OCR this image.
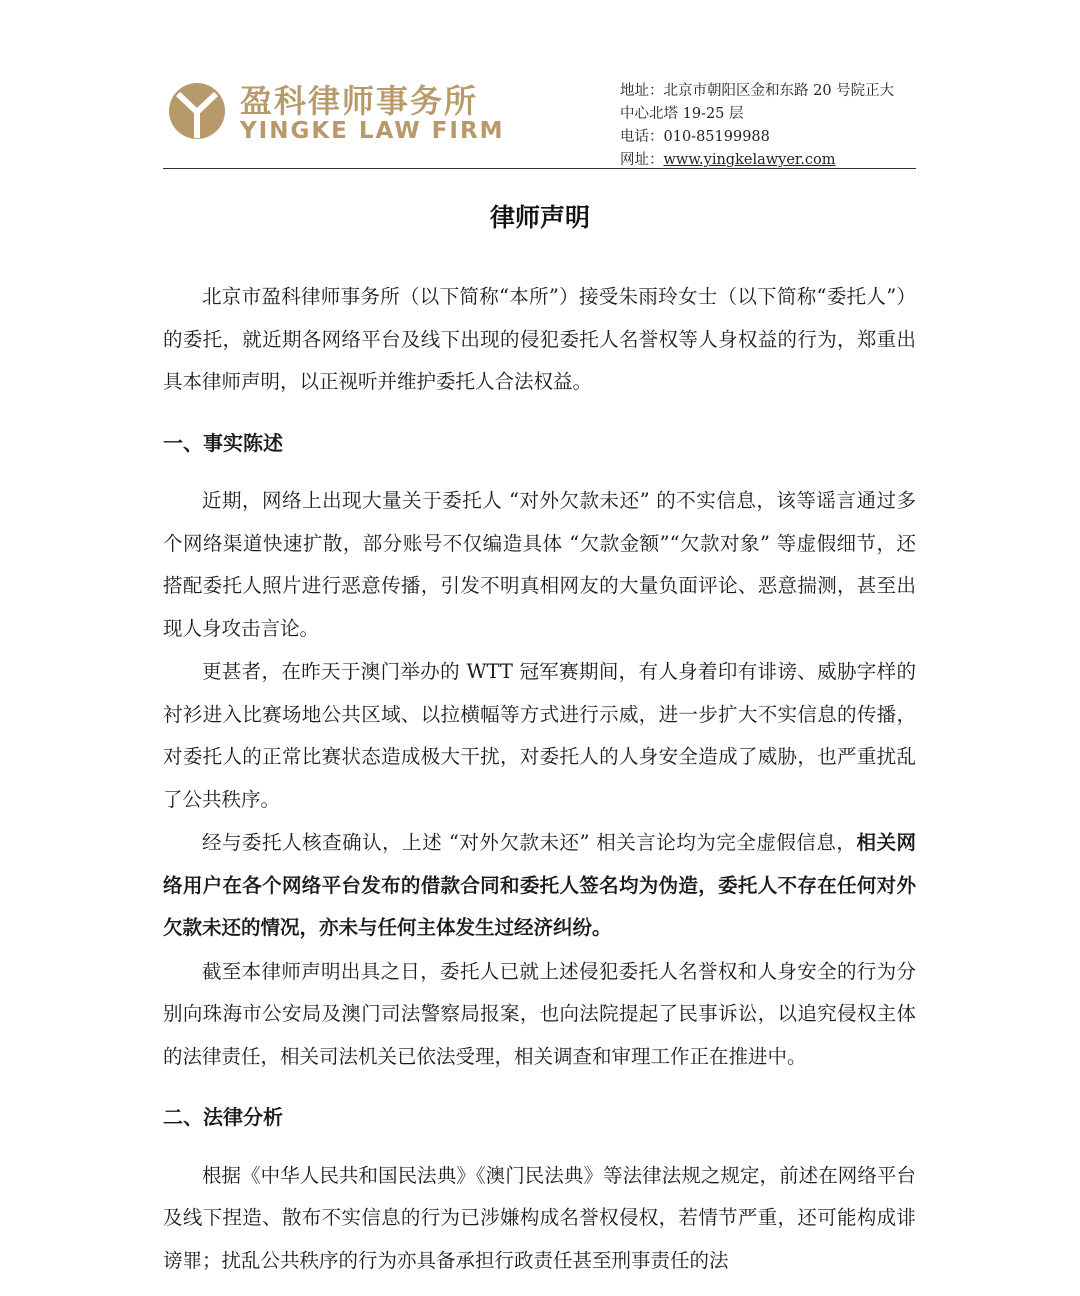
盈科律师事务所
YINGKE LAW FIRM
地址：北京市朝阳区金和东路 20 号院正大
中心北塔 19-25 层
电话：010-85199988
网址：www.yingkelawyer.com
律师声明

北京市盈科律师事务所（以下简称“本所”）接受朱雨玲女士（以下简称“委托人”）的委托，就近期各网络平台及线下出现的侵犯委托人名誉权等人身权益的行为，郑重出具本律师声明，以正视听并维护委托人合法权益。

一、事实陈述

近期，网络上出现大量关于委托人 “对外欠款未还” 的不实信息，该等谣言通过多个网络渠道快速扩散，部分账号不仅编造具体 “欠款金额”“欠款对象” 等虚假细节，还搭配委托人照片进行恶意传播，引发不明真相网友的大量负面评论、恶意揣测，甚至出现人身攻击言论。

更甚者，在昨天于澳门举办的 WTT 冠军赛期间，有人身着印有诽谤、威胁字样的衬衫进入比赛场地公共区域、以拉横幅等方式进行示威，进一步扩大不实信息的传播，对委托人的正常比赛状态造成极大干扰，对委托人的人身安全造成了威胁，也严重扰乱了公共秩序。

经与委托人核查确认，上述 “对外欠款未还” 相关言论均为完全虚假信息，相关网络用户在各个网络平台发布的借款合同和委托人签名均为伪造，委托人不存在任何对外欠款未还的情况，亦未与任何主体发生过经济纠纷。

截至本律师声明出具之日，委托人已就上述侵犯委托人名誉权和人身安全的行为分别向珠海市公安局及澳门司法警察局报案，也向法院提起了民事诉讼，以追究侵权主体的法律责任，相关司法机关已依法受理，相关调查和审理工作正在推进中。

二、法律分析

根据《中华人民共和国民法典》《澳门民法典》等法律法规之规定，前述在网络平台及线下捏造、散布不实信息的行为已涉嫌构成名誉权侵权，若情节严重，还可能构成诽谤罪；扰乱公共秩序的行为亦具备承担行政责任甚至刑事责任的法
